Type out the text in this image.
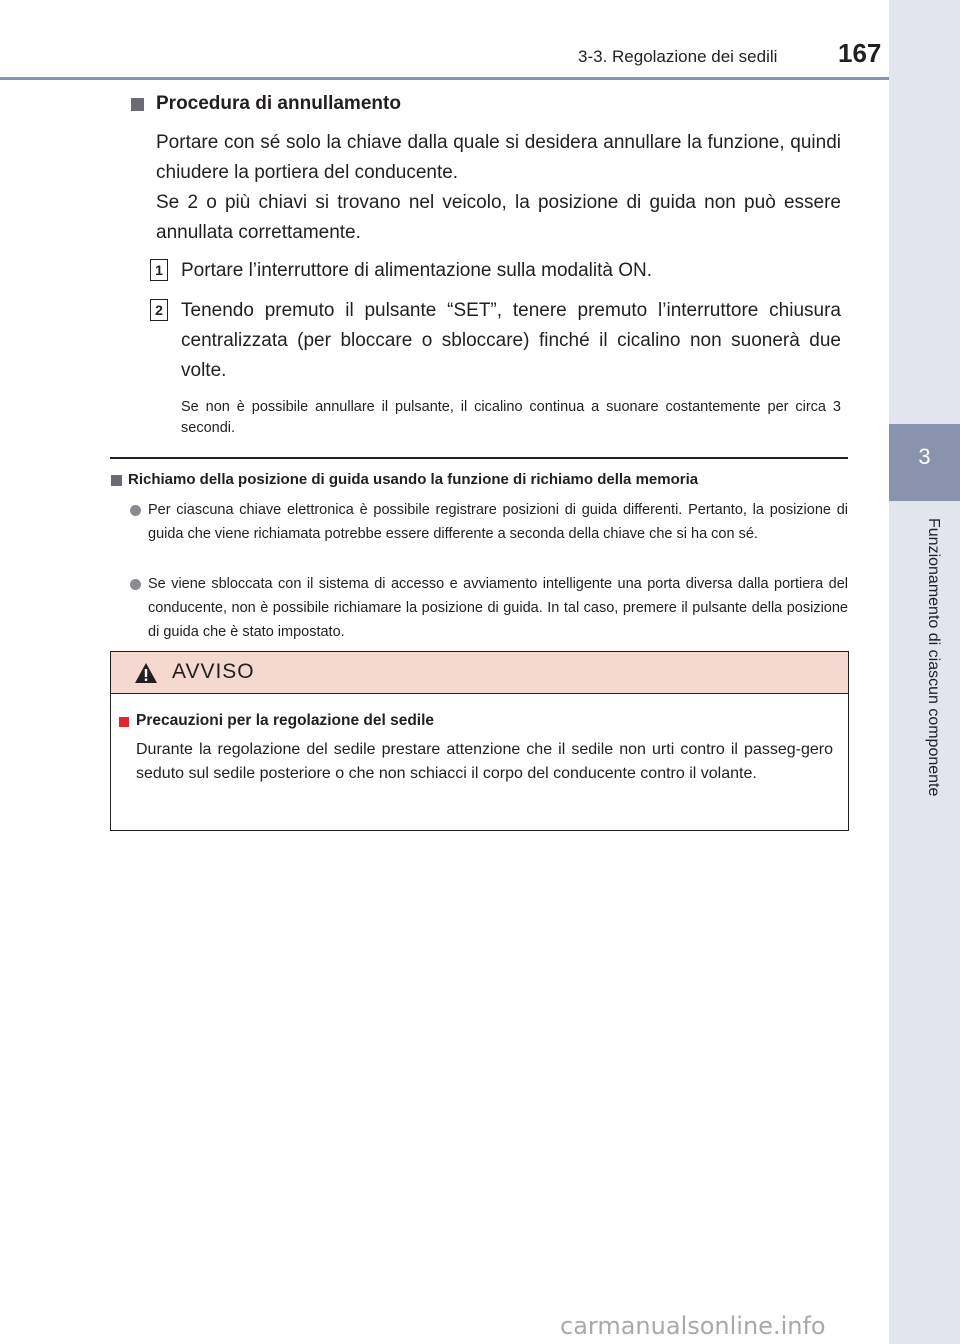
3-3. Regolazione dei sedili 167
3
Funzionamento di ciascun componente
Procedura di annullamento
Portare con sé solo la chiave dalla quale si desidera annullare la funzione, quindi chiudere la portiera del conducente.
Se 2 o più chiavi si trovano nel veicolo, la posizione di guida non può essere annullata correttamente.
1 Portare l’interruttore di alimentazione sulla modalità ON.
2 Tenendo premuto il pulsante “SET”, tenere premuto l’interruttore chiusura centralizzata (per bloccare o sbloccare) finché il cicalino non suonerà due volte.
Se non è possibile annullare il pulsante, il cicalino continua a suonare costantemente per circa 3 secondi.
Richiamo della posizione di guida usando la funzione di richiamo della memoria
Per ciascuna chiave elettronica è possibile registrare posizioni di guida differenti. Pertanto, la posizione di guida che viene richiamata potrebbe essere differente a seconda della chiave che si ha con sé.
Se viene sbloccata con il sistema di accesso e avviamento intelligente una porta diversa dalla portiera del conducente, non è possibile richiamare la posizione di guida. In tal caso, premere il pulsante della posizione di guida che è stato impostato.
AVVISO
Precauzioni per la regolazione del sedile
Durante la regolazione del sedile prestare attenzione che il sedile non urti contro il passeg-gero seduto sul sedile posteriore o che non schiacci il corpo del conducente contro il volante.
carmanualsonline.info
